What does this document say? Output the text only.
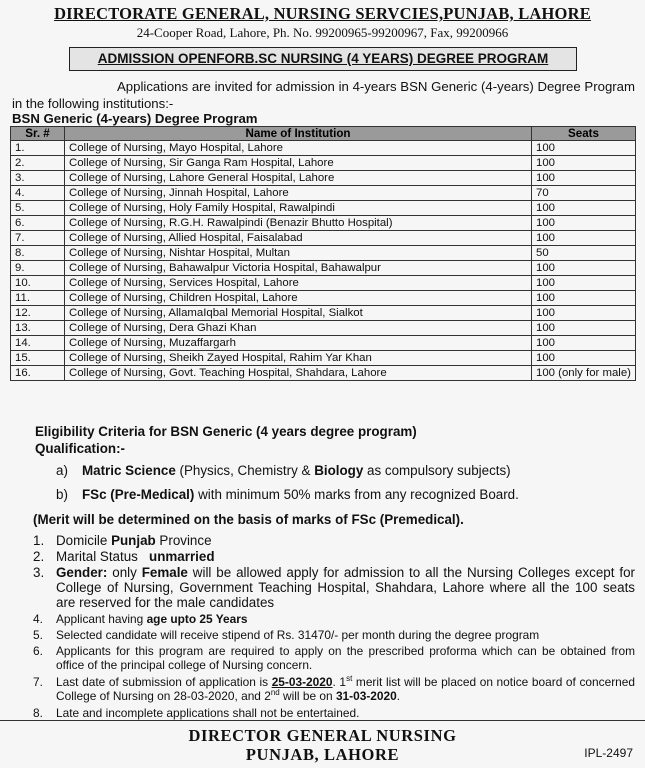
DIRECTORATE GENERAL, NURSING SERVCIES,PUNJAB, LAHORE
24-Cooper Road, Lahore, Ph. No. 99200965-99200967, Fax, 99200966
ADMISSION OPENFORB.SC NURSING (4 YEARS) DEGREE PROGRAM
Applications are invited for admission in 4-years BSN Generic (4-years) Degree Program in the following institutions:-
BSN Generic (4-years) Degree Program
Sr. #	Name of Institution	Seats
1.	College of Nursing, Mayo Hospital, Lahore	100
2.	College of Nursing, Sir Ganga Ram Hospital, Lahore	100
3.	College of Nursing, Lahore General Hospital, Lahore	100
4.	College of Nursing, Jinnah Hospital, Lahore	70
5.	College of Nursing, Holy Family Hospital, Rawalpindi	100
6.	College of Nursing, R.G.H. Rawalpindi (Benazir Bhutto Hospital)	100
7.	College of Nursing, Allied Hospital, Faisalabad	100
8.	College of Nursing, Nishtar Hospital, Multan	50
9.	College of Nursing, Bahawalpur Victoria Hospital, Bahawalpur	100
10.	College of Nursing, Services Hospital, Lahore	100
11.	College of Nursing, Children Hospital, Lahore	100
12.	College of Nursing, AllamaIqbal Memorial Hospital, Sialkot	100
13.	College of Nursing, Dera Ghazi Khan	100
14.	College of Nursing, Muzaffargarh	100
15.	College of Nursing, Sheikh Zayed Hospital, Rahim Yar Khan	100
16.	College of Nursing, Govt. Teaching Hospital, Shahdara, Lahore	100 (only for male)
Eligibility Criteria for BSN Generic (4 years degree program)
Qualification:-
a) Matric Science (Physics, Chemistry & Biology as compulsory subjects)
b) FSc (Pre-Medical) with minimum 50% marks from any recognized Board.
(Merit will be determined on the basis of marks of FSc (Premedical).
1. Domicile Punjab Province
2. Marital Status   unmarried
3. Gender: only Female will be allowed apply for admission to all the Nursing Colleges except for College of Nursing, Government Teaching Hospital, Shahdara, Lahore where all the 100 seats are reserved for the male candidates
4. Applicant having age upto 25 Years
5. Selected candidate will receive stipend of Rs. 31470/- per month during the degree program
6. Applicants for this program are required to apply on the prescribed proforma which can be obtained from office of the principal college of Nursing concern.
7. Last date of submission of application is 25-03-2020. 1st merit list will be placed on notice board of concerned College of Nursing on 28-03-2020, and 2nd will be on 31-03-2020.
8. Late and incomplete applications shall not be entertained.
DIRECTOR GENERAL NURSING
PUNJAB, LAHORE	IPL-2497
